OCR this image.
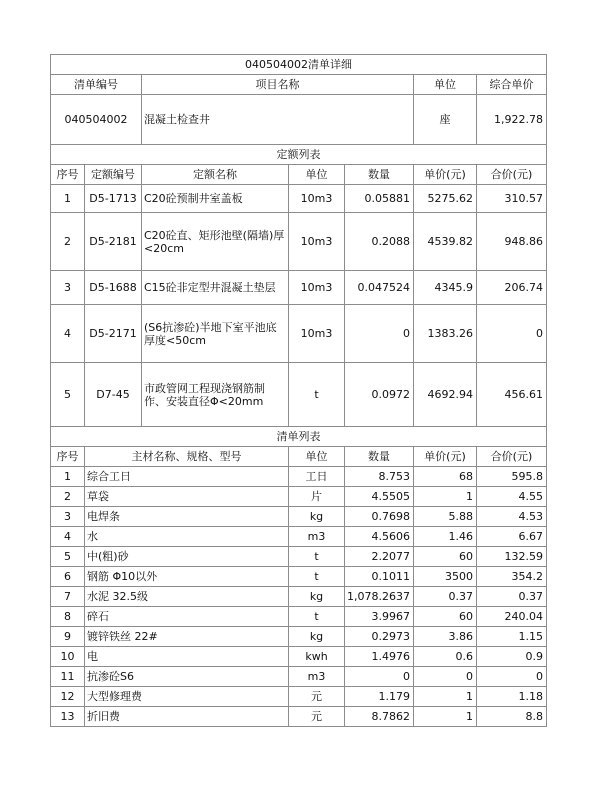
040504002清单详细						
清单编号		项目名称			单位	综合单价
040504002		混凝土检查井			座	1,922.78
定额列表						
序号	定额编号	定额名称	单位	数量	单价(元)	合价(元)
1	D5-1713	C20砼预制井室盖板	10m3	0.05881	5275.62	310.57
2	D5-2181	C20砼直、矩形池壁(隔墙)厚<20cm	10m3	0.2088	4539.82	948.86
3	D5-1688	C15砼非定型井混凝土垫层	10m3	0.047524	4345.9	206.74
4	D5-2171	(S6抗渗砼)半地下室平池底厚度<50cm	10m3	0	1383.26	0
5	D7-45	市政管网工程现浇钢筋制作、安装直径Φ<20mm	t	0.0972	4692.94	456.61
清单列表						
序号	主材名称、规格、型号		单位	数量	单价(元)	合价(元)
1	综合工日		工日	8.753	68	595.8
2	草袋		片	4.5505	1	4.55
3	电焊条		kg	0.7698	5.88	4.53
4	水		m3	4.5606	1.46	6.67
5	中(粗)砂		t	2.2077	60	132.59
6	钢筋 Φ10以外		t	0.1011	3500	354.2
7	水泥 32.5级		kg	1,078.2637	0.37	0.37
8	碎石		t	3.9967	60	240.04
9	镀锌铁丝 22#		kg	0.2973	3.86	1.15
10	电		kwh	1.4976	0.6	0.9
11	抗渗砼S6		m3	0	0	0
12	大型修理费		元	1.179	1	1.18
13	折旧费		元	8.7862	1	8.8
